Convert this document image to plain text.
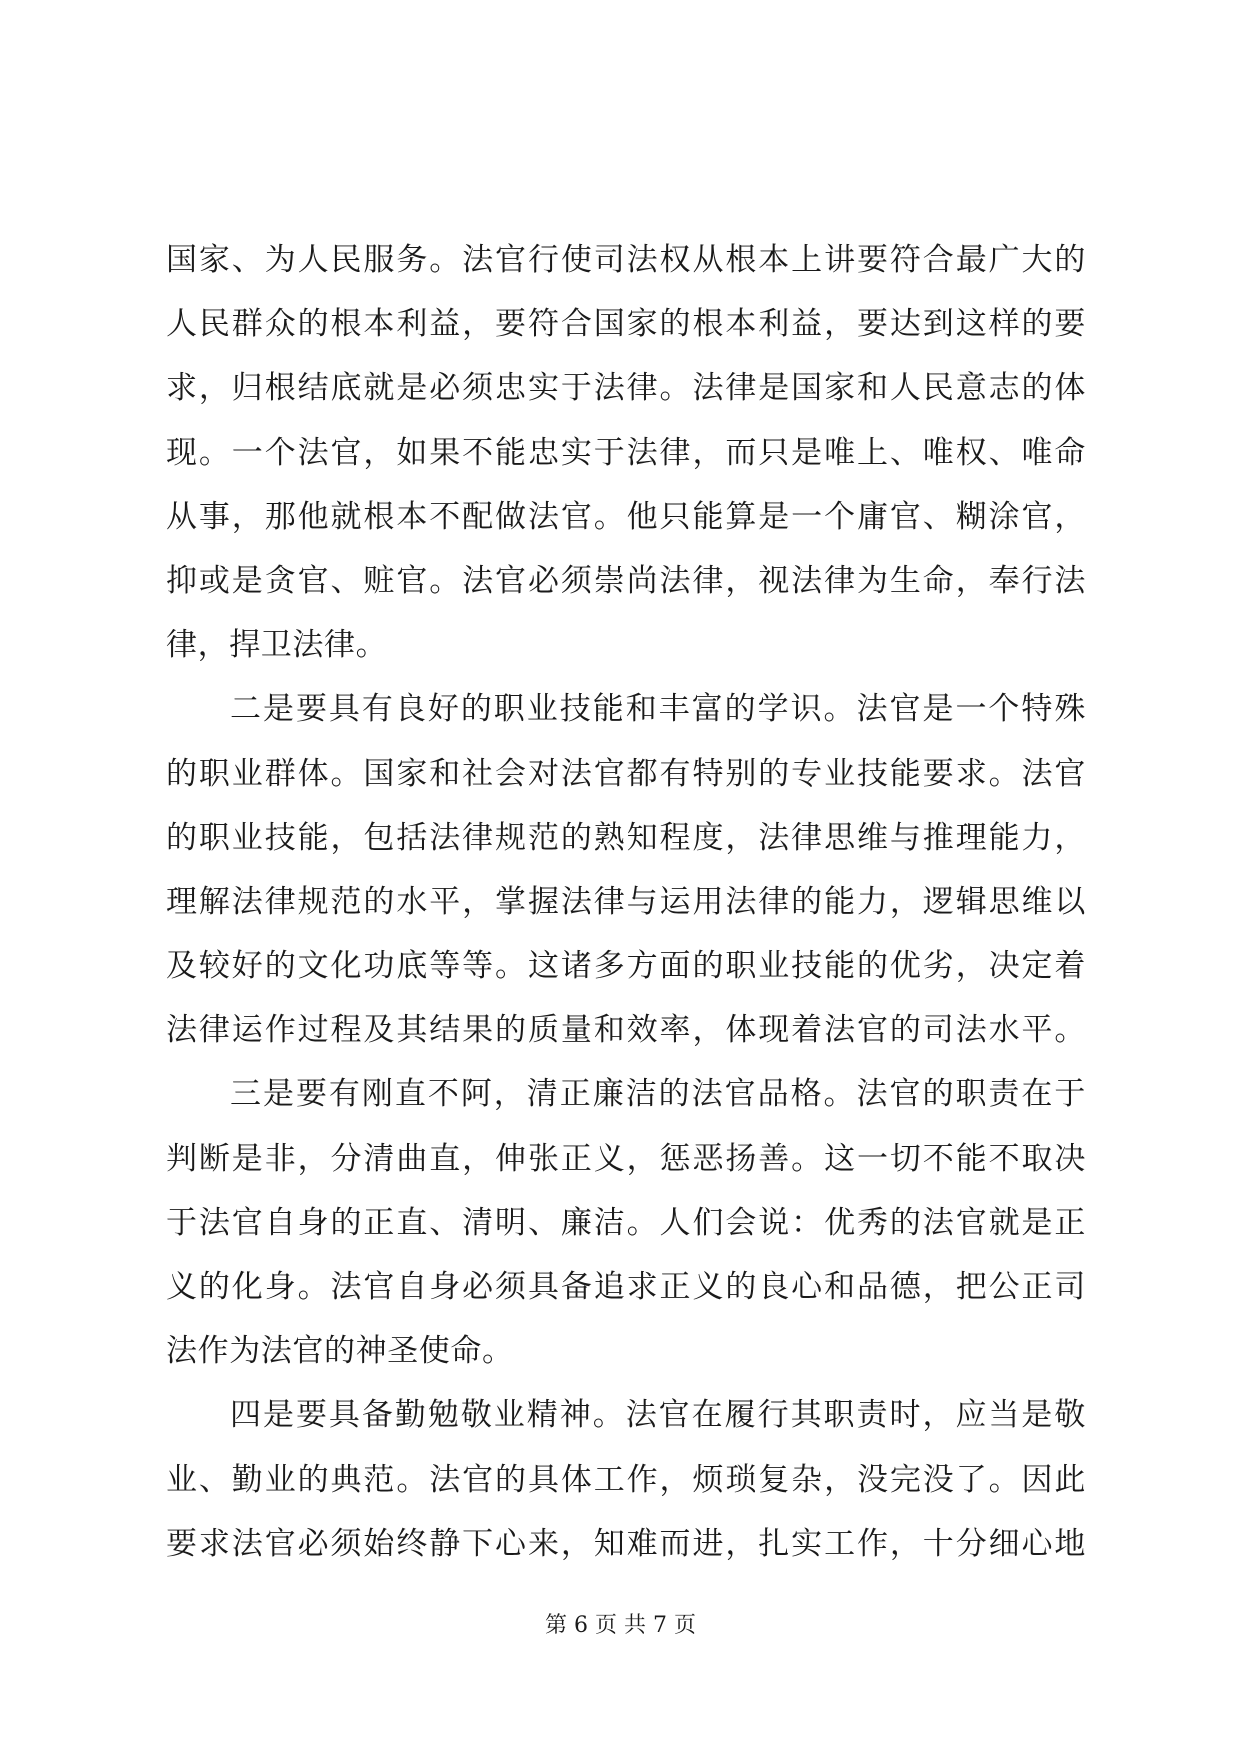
国家、为人民服务。法官行使司法权从根本上讲要符合最广大的
人民群众的根本利益，要符合国家的根本利益，要达到这样的要
求，归根结底就是必须忠实于法律。法律是国家和人民意志的体
现。一个法官，如果不能忠实于法律，而只是唯上、唯权、唯命
从事，那他就根本不配做法官。他只能算是一个庸官、糊涂官，
抑或是贪官、赃官。法官必须崇尚法律，视法律为生命，奉行法
律，捍卫法律。
二是要具有良好的职业技能和丰富的学识。法官是一个特殊
的职业群体。国家和社会对法官都有特别的专业技能要求。法官
的职业技能，包括法律规范的熟知程度，法律思维与推理能力，
理解法律规范的水平，掌握法律与运用法律的能力，逻辑思维以
及较好的文化功底等等。这诸多方面的职业技能的优劣，决定着
法律运作过程及其结果的质量和效率，体现着法官的司法水平。
三是要有刚直不阿，清正廉洁的法官品格。法官的职责在于
判断是非，分清曲直，伸张正义，惩恶扬善。这一切不能不取决
于法官自身的正直、清明、廉洁。人们会说：优秀的法官就是正
义的化身。法官自身必须具备追求正义的良心和品德，把公正司
法作为法官的神圣使命。
四是要具备勤勉敬业精神。法官在履行其职责时，应当是敬
业、勤业的典范。法官的具体工作，烦琐复杂，没完没了。因此
要求法官必须始终静下心来，知难而进，扎实工作，十分细心地
第 6 页 共 7 页
